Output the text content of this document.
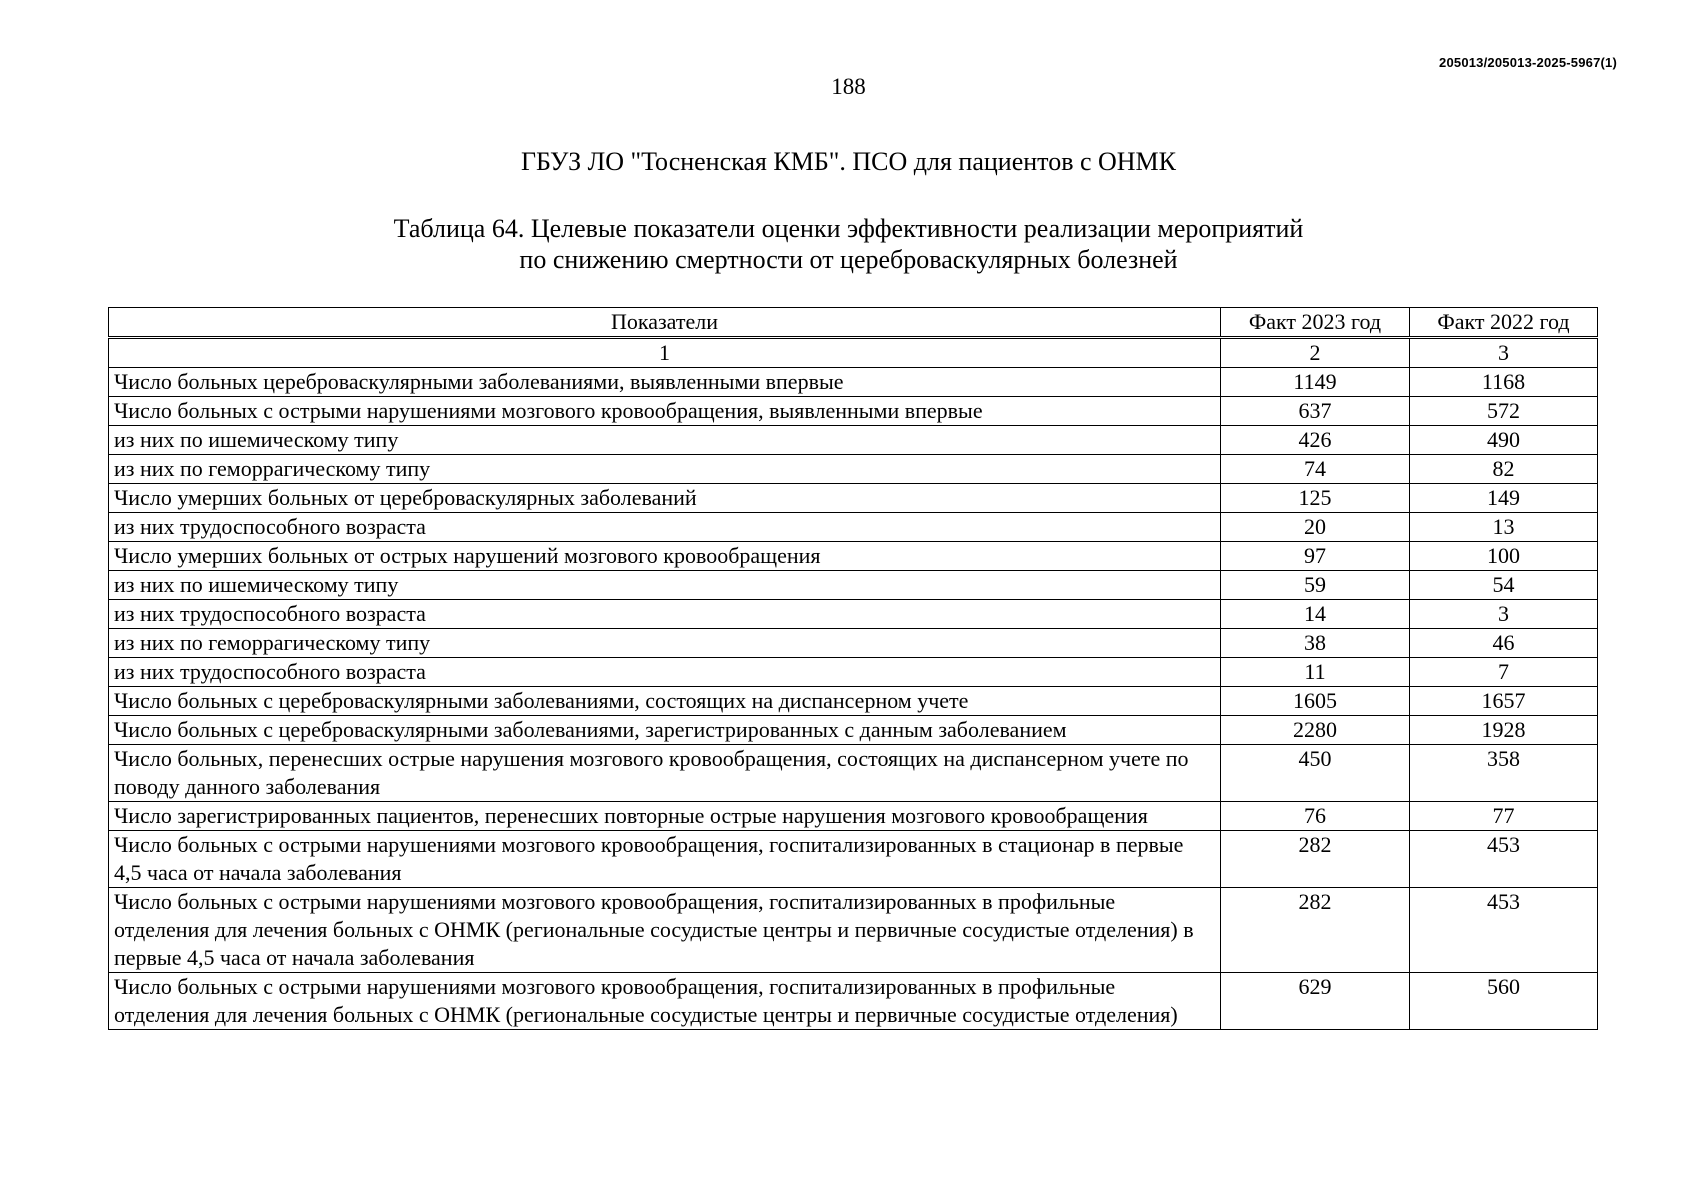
205013/205013-2025-5967(1)
188
ГБУЗ ЛО "Тосненская КМБ". ПСО для пациентов с ОНМК
Таблица 64. Целевые показатели оценки эффективности реализации мероприятий
по снижению смертности от цереброваскулярных болезней
Показатели	Факт 2023 год	Факт 2022 год
1	2	3
Число больных цереброваскулярными заболеваниями, выявленными впервые	1149	1168
Число больных с острыми нарушениями мозгового кровообращения, выявленными впервые	637	572
из них по ишемическому типу	426	490
из них по геморрагическому типу	74	82
Число умерших больных от цереброваскулярных заболеваний	125	149
из них трудоспособного возраста	20	13
Число умерших больных от острых нарушений мозгового кровообращения	97	100
из них по ишемическому типу	59	54
из них трудоспособного возраста	14	3
из них по геморрагическому типу	38	46
из них трудоспособного возраста	11	7
Число больных с цереброваскулярными заболеваниями, состоящих на диспансерном учете	1605	1657
Число больных с цереброваскулярными заболеваниями, зарегистрированных с данным заболеванием	2280	1928
Число больных, перенесших острые нарушения мозгового кровообращения, состоящих на диспансерном учете по поводу данного заболевания	450	358
Число зарегистрированных пациентов, перенесших повторные острые нарушения мозгового кровообращения	76	77
Число больных с острыми нарушениями мозгового кровообращения, госпитализированных в стационар в первые 4,5 часа от начала заболевания	282	453
Число больных с острыми нарушениями мозгового кровообращения, госпитализированных в профильные отделения для лечения больных с ОНМК (региональные сосудистые центры и первичные сосудистые отделения) в первые 4,5 часа от начала заболевания	282	453
Число больных с острыми нарушениями мозгового кровообращения, госпитализированных в профильные отделения для лечения больных с ОНМК (региональные сосудистые центры и первичные сосудистые отделения)	629	560
